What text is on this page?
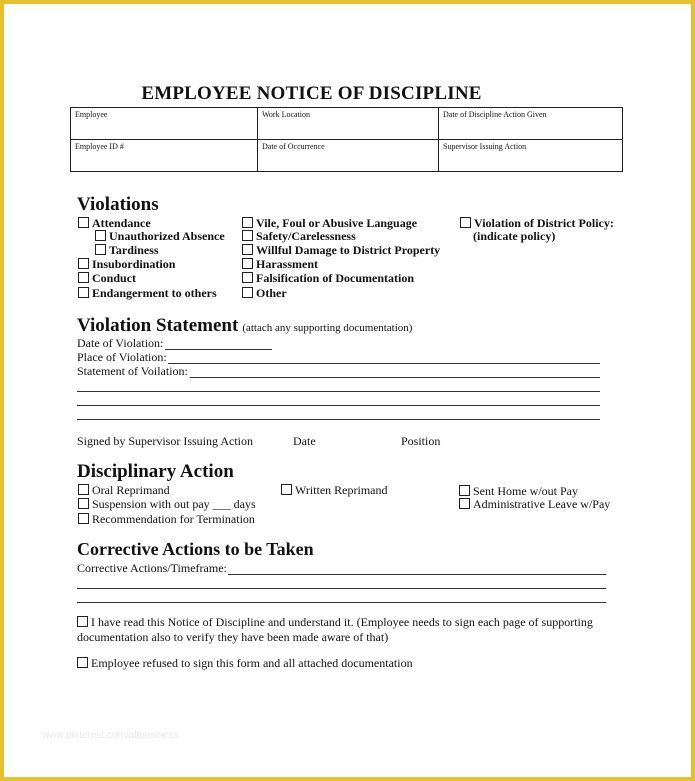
EMPLOYEE NOTICE OF DISCIPLINE
Employee	Work Location	Date of Discipline Action Given
Employee ID #	Date of Occurrence	Supervisor Issuing Action
Violations
Attendance
Unauthorized Absence
Tardiness
Insubordination
Conduct
Endangerment to others
Vile, Foul or Abusive Language
Safety/Carelessness
Willful Damage to District Property
Harassment
Falsification of Documentation
Other
Violation of District Policy:
(indicate policy)
Violation Statement (attach any supporting documentation)
Date of Violation:
Place of Violation:
Statement of Voilation:
Signed by Supervisor Issuing Action	Date	Position
Disciplinary Action
Oral Reprimand
Suspension with out pay ___ days
Recommendation for Termination
Written Reprimand	Sent Home w/out Pay
Administrative Leave w/Pay
Corrective Actions to be Taken
Corrective Actions/Timeframe:
I have read this Notice of Discipline and understand it. (Employee needs to sign each page of supporting
documentation also to verify they have been made aware of that)
Employee refused to sign this form and all attached documentation
www.pinterest.com/allbusiness
